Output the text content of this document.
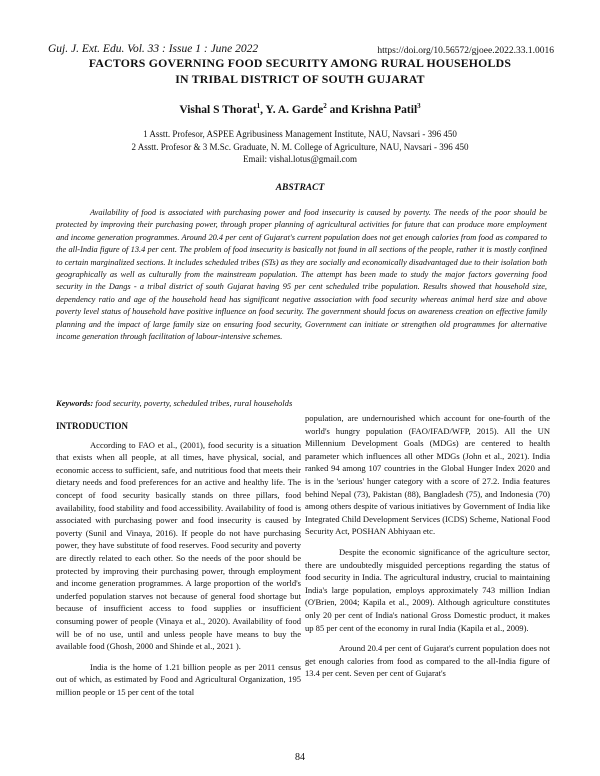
Guj. J. Ext. Edu. Vol. 33 : Issue 1 : June 2022	https://doi.org/10.56572/gjoee.2022.33.1.0016
FACTORS GOVERNING FOOD SECURITY AMONG RURAL HOUSEHOLDS
IN TRIBAL DISTRICT OF SOUTH GUJARAT
Vishal S Thorat$^1$, Y. A. Garde$^2$ and Krishna Patil$^3$
1 Asstt. Profesor, ASPEE Agribusiness Management Institute, NAU, Navsari - 396 450
2 Asstt. Profesor & 3 M.Sc. Graduate, N. M. College of Agriculture, NAU, Navsari - 396 450
Email: vishal.lotus@gmail.com
ABSTRACT

Availability of food is associated with purchasing power and food insecurity is caused by poverty. The needs of the poor should be protected by improving their purchasing power, through proper planning of agricultural activities for future that can produce more employment and income generation programmes. Around 20.4 per cent of Gujarat's current population does not get enough calories from food as compared to the all-India figure of 13.4 per cent. The problem of food insecurity is basically not found in all sections of the people, rather it is mostly confined to certain marginalized sections. It includes scheduled tribes (STs) as they are socially and economically disadvantaged due to their isolation both geographically as well as culturally from the mainstream population. The attempt has been made to study the major factors governing food security in the Dangs - a tribal district of south Gujarat having 95 per cent scheduled tribe population. Results showed that household size, dependency ratio and age of the household head has significant negative association with food security whereas animal herd size and above poverty level status of household have positive influence on food security. The government should focus on awareness creation on effective family planning and the impact of large family size on ensuring food security, Government can initiate or strengthen old programmes for alternative income generation through facilitation of labour-intensive schemes.

Keywords: food security, poverty, scheduled tribes, rural households

INTRODUCTION

According to FAO et al., (2001), food security is a situation that exists when all people, at all times, have physical, social, and economic access to sufficient, safe, and nutritious food that meets their dietary needs and food preferences for an active and healthy life. The concept of food security basically stands on three pillars, food availability, food stability and food accessibility. Availability of food is associated with purchasing power and food insecurity is caused by poverty (Sunil and Vinaya, 2016). If people do not have purchasing power, they have substitute of food reserves. Food security and poverty are directly related to each other. So the needs of the poor should be protected by improving their purchasing power, through employment and income generation programmes. A large proportion of the world's underfed population starves not because of general food shortage but because of insufficient access to food supplies or insufficient consuming power of people (Vinaya et al., 2020). Availability of food will be of no use, until and unless people have means to buy the available food (Ghosh, 2000 and Shinde et al., 2021 ).

India is the home of 1.21 billion people as per 2011 census out of which, as estimated by Food and Agricultural Organization, 195 million people or 15 per cent of the total

population, are undernourished which account for one-fourth of the world's hungry population (FAO/IFAD/WFP, 2015). All the UN Millennium Development Goals (MDGs) are centered to health parameter which influences all other MDGs (John et al., 2021). India ranked 94 among 107 countries in the Global Hunger Index 2020 and is in the 'serious' hunger category with a score of 27.2. India features behind Nepal (73), Pakistan (88), Bangladesh (75), and Indonesia (70) among others despite of various initiatives by Government of India like Integrated Child Development Services (ICDS) Scheme, National Food Security Act, POSHAN Abhiyaan etc.

Despite the economic significance of the agriculture sector, there are undoubtedly misguided perceptions regarding the status of food security in India. The agricultural industry, crucial to maintaining India's large population, employs approximately 743 million Indian (O'Brien, 2004; Kapila et al., 2009). Although agriculture constitutes only 20 per cent of India's national Gross Domestic product, it makes up 85 per cent of the economy in rural India (Kapila et al., 2009).

Around 20.4 per cent of Gujarat's current population does not get enough calories from food as compared to the all-India figure of 13.4 per cent. Seven per cent of Gujarat's

84
